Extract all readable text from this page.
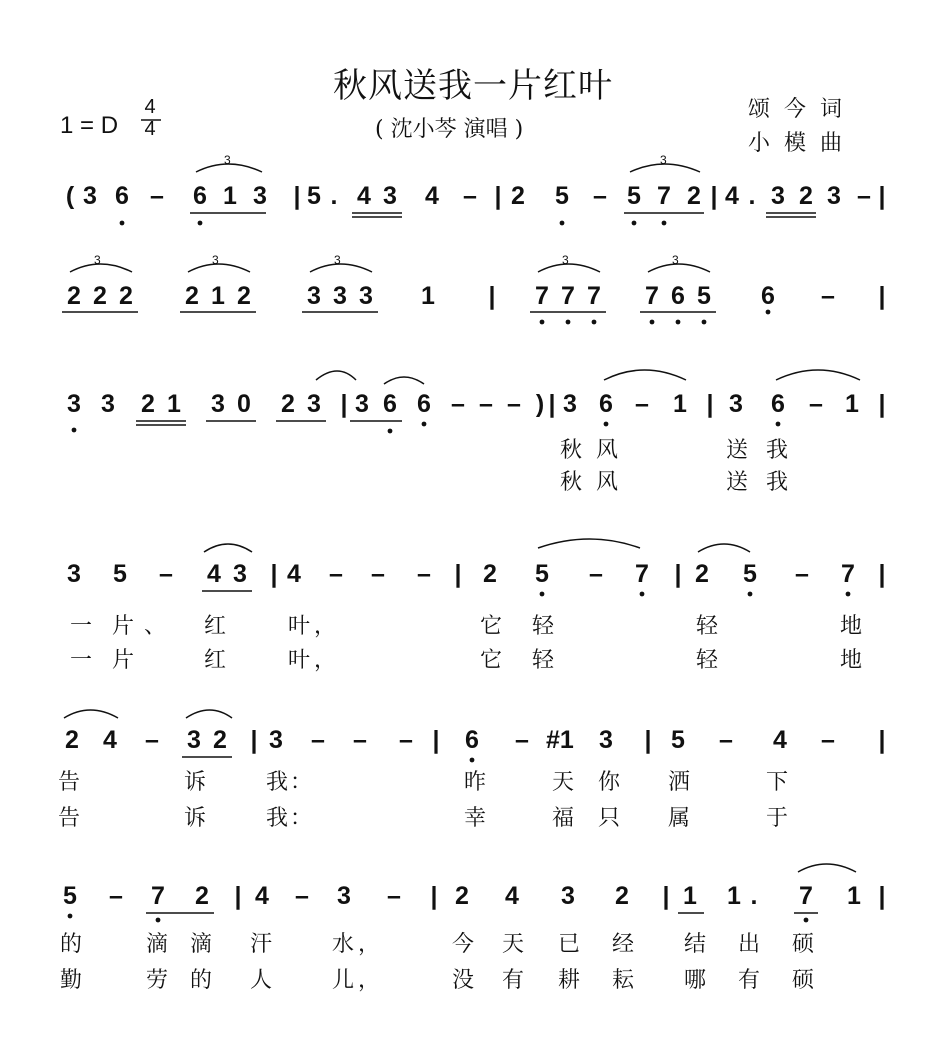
秋风送我一片红叶
( 沈小芩 演唱 )
1 = D
4
4
颂今词
小模曲
( 3 6 – 6 1 3	| 5 . 4 3 4 – | 2 5 – 5 7 2 | 4 . 3 2 3 – |
2 2 2 2 1 2 3 3 3 1	|	7 7 7 7 6 5 6 –	|
3 3 2 1 3 0 2 3 | 3 6 6 – – – ) | 3 6 – 1 | 3 6 – 1 |
秋 风	送 我
秋 风	送 我
3 5 – 4 3 | 4 – – – | 2 5 – 7	| 2 5 – 7 |
一 片 、 红	叶 ，	它 轻	轻	地
一 片	红	叶 ，	它 轻	轻	地
2 4 – 3 2 | 3 – – – |	6 – #1 3	| 5 – 4 –	|
告	诉	我 ：	昨	天 你 洒	下
告	诉	我 ：	幸	福 只 属	于
5 – 7 2	| 4 – 3 –	| 2 4 3 2	| 1 1 .	7 1 |
的	滴 滴 汗	水 ，	今 天 已 经 结 出 硕
勤	劳 的 人	儿 ，	没 有 耕 耘 哪 有 硕
3	3
3	3	3	3	3
